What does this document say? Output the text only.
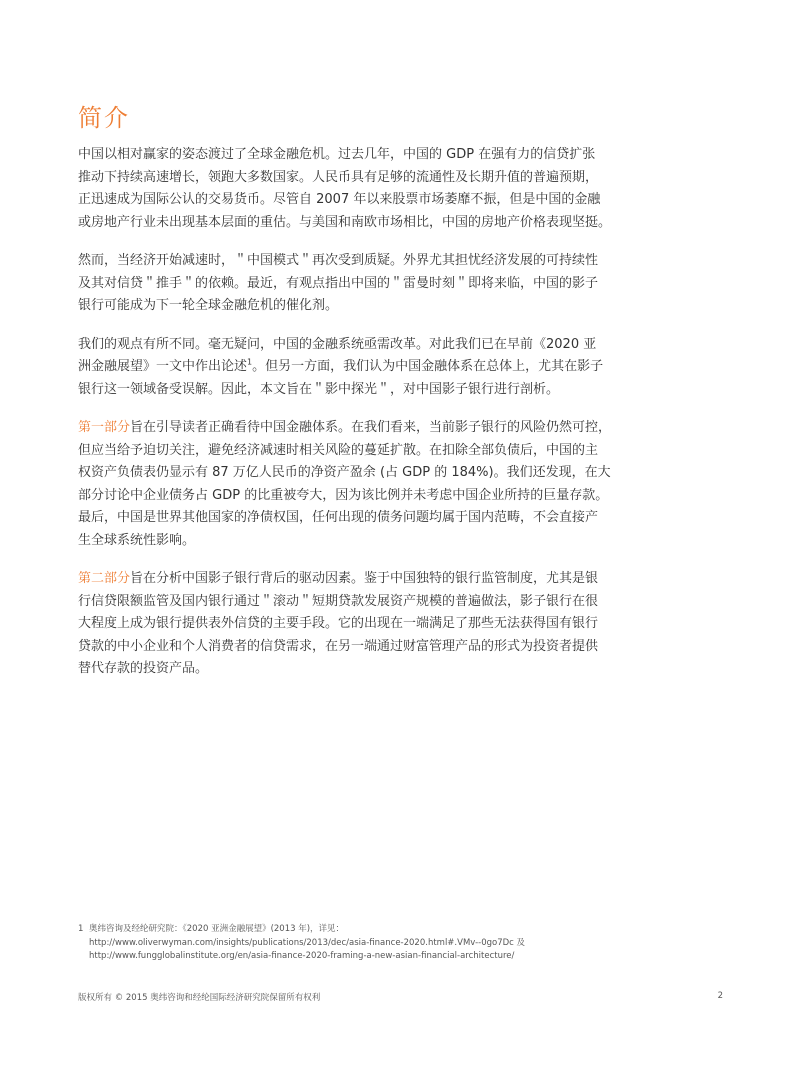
简介

中国以相对赢家的姿态渡过了全球金融危机。过去几年，中国的 GDP 在强有力的信贷扩张
推动下持续高速增长，领跑大多数国家。人民币具有足够的流通性及长期升值的普遍预期，
正迅速成为国际公认的交易货币。尽管自 2007 年以来股票市场萎靡不振，但是中国的金融
或房地产行业未出现基本层面的重估。与美国和南欧市场相比，中国的房地产价格表现坚挺。

然而，当经济开始减速时，＂中国模式＂再次受到质疑。外界尤其担忧经济发展的可持续性
及其对信贷＂推手＂的依赖。最近，有观点指出中国的＂雷曼时刻＂即将来临，中国的影子
银行可能成为下一轮全球金融危机的催化剂。

我们的观点有所不同。毫无疑问，中国的金融系统亟需改革。对此我们已在早前《2020 亚
洲金融展望》一文中作出论述$^1$。但另一方面，我们认为中国金融体系在总体上，尤其在影子
银行这一领域备受误解。因此，本文旨在＂影中探光＂，对中国影子银行进行剖析。

第一部分旨在引导读者正确看待中国金融体系。在我们看来，当前影子银行的风险仍然可控，
但应当给予迫切关注，避免经济减速时相关风险的蔓延扩散。在扣除全部负债后，中国的主
权资产负债表仍显示有 87 万亿人民币的净资产盈余 (占 GDP 的 184%)。我们还发现，在大
部分讨论中企业债务占 GDP 的比重被夸大，因为该比例并未考虑中国企业所持的巨量存款。
最后，中国是世界其他国家的净债权国，任何出现的债务问题均属于国内范畴，不会直接产
生全球系统性影响。

第二部分旨在分析中国影子银行背后的驱动因素。鉴于中国独特的银行监管制度，尤其是银
行信贷限额监管及国内银行通过＂滚动＂短期贷款发展资产规模的普遍做法，影子银行在很
大程度上成为银行提供表外信贷的主要手段。它的出现在一端满足了那些无法获得国有银行
贷款的中小企业和个人消费者的信贷需求，在另一端通过财富管理产品的形式为投资者提供
替代存款的投资产品。

1 奥纬咨询及经纶研究院：《2020 亚洲金融展望》(2013 年)，详见：
http://www.oliverwyman.com/insights/publications/2013/dec/asia-finance-2020.html#.VMv--0go7Dc 及
http://www.fungglobalinstitute.org/en/asia-finance-2020-framing-a-new-asian-financial-architecture/
版权所有 © 2015 奥纬咨询和经纶国际经济研究院保留所有权利	2
